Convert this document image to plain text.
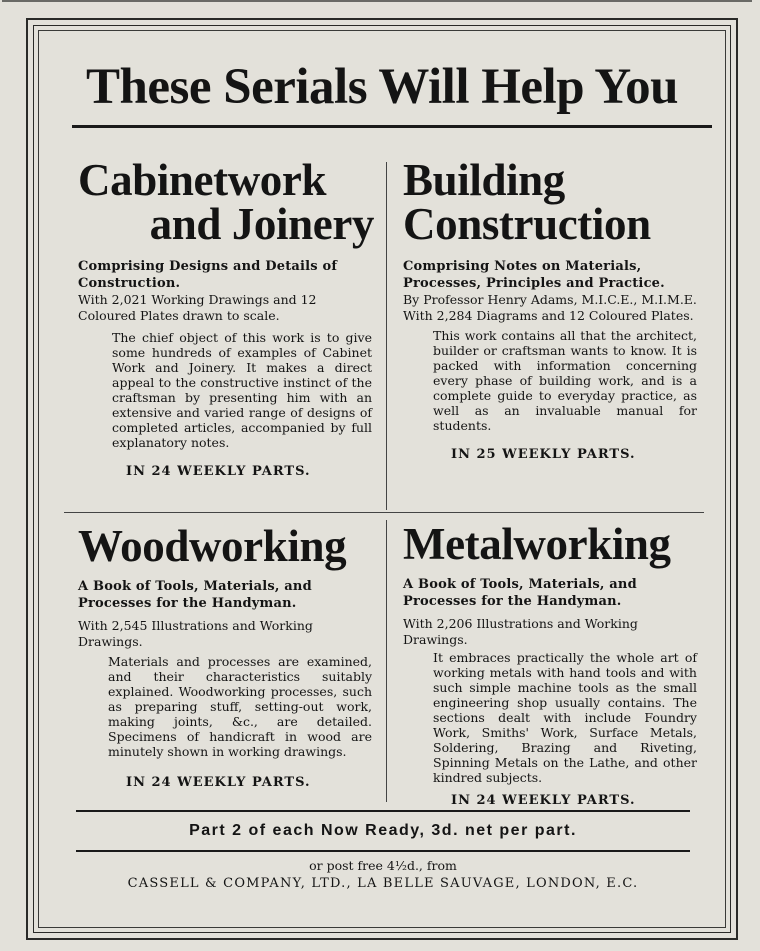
These Serials Will Help You

Cabinetwork

and Joinery

Comprising Designs and Details of Construction.

With 2,021 Working Drawings and 12 Coloured Plates drawn to scale.

The chief object of this work is to give some hundreds of examples of Cabinet Work and Joinery. It makes a direct appeal to the constructive instinct of the craftsman by presenting him with an extensive and varied range of designs of completed articles, accompanied by full explanatory notes.

IN 24 WEEKLY PARTS.

Building

Construction

Comprising Notes on Materials, Processes, Principles and Practice.

By Professor Henry Adams, M.I.C.E., M.I.M.E. With 2,284 Diagrams and 12 Coloured Plates.

This work contains all that the architect, builder or craftsman wants to know. It is packed with information concerning every phase of building work, and is a complete guide to everyday practice, as well as an invaluable manual for students.

IN 25 WEEKLY PARTS.

Woodworking

A Book of Tools, Materials, and Processes for the Handyman.

With 2,545 Illustrations and Working Drawings.

Materials and processes are examined, and their characteristics suitably explained. Woodworking processes, such as preparing stuff, setting-out work, making joints, &c., are detailed. Specimens of handicraft in wood are minutely shown in working drawings.

IN 24 WEEKLY PARTS.

Metalworking

A Book of Tools, Materials, and Processes for the Handyman.

With 2,206 Illustrations and Working Drawings.

It embraces practically the whole art of working metals with hand tools and with such simple machine tools as the small engineering shop usually contains. The sections dealt with include Foundry Work, Smiths' Work, Surface Metals, Soldering, Brazing and Riveting, Spinning Metals on the Lathe, and other kindred subjects.

IN 24 WEEKLY PARTS.

Part 2 of each Now Ready, 3d. net per part.
or post free 4½d., from
CASSELL & COMPANY, LTD., LA BELLE SAUVAGE, LONDON, E.C.
